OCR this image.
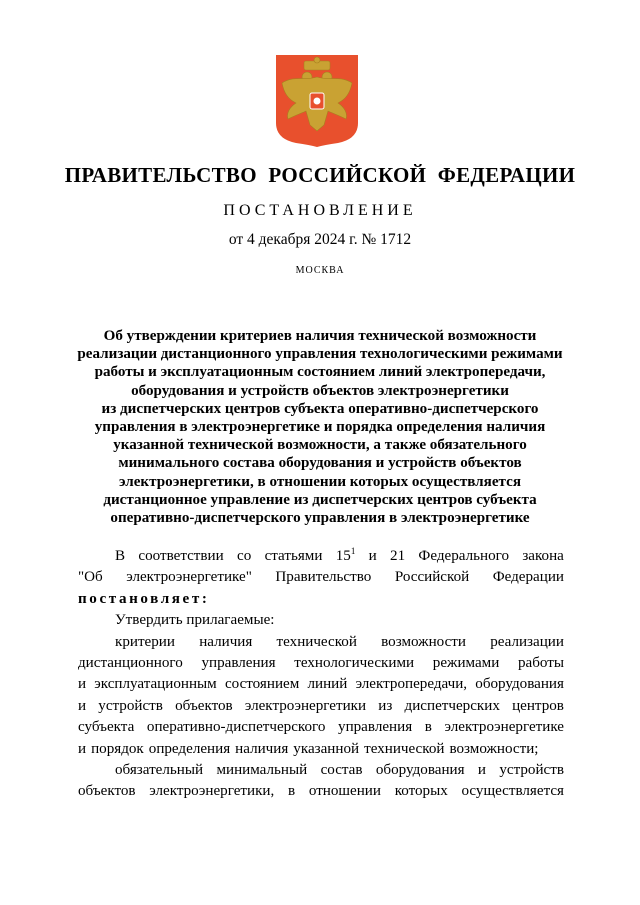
ПРАВИТЕЛЬСТВО РОССИЙСКОЙ ФЕДЕРАЦИИ
ПОСТАНОВЛЕНИЕ
от 4 декабря 2024 г. № 1712
МОСКВА
Об утверждении критериев наличия технической возможности
реализации дистанционного управления технологическими режимами
работы и эксплуатационным состоянием линий электропередачи,
оборудования и устройств объектов электроэнергетики
из диспетчерских центров субъекта оперативно-диспетчерского
управления в электроэнергетике и порядка определения наличия
указанной технической возможности, а также обязательного
минимального состава оборудования и устройств объектов
электроэнергетики, в отношении которых осуществляется
дистанционное управление из диспетчерских центров субъекта
оперативно-диспетчерского управления в электроэнергетике
В соответствии со статьями $15^1$ и 21 Федерального закона
"Об электроэнергетике" Правительство Российской Федерации
постановляет:
Утвердить прилагаемые:
критерии наличия технической возможности реализации
дистанционного управления технологическими режимами работы
и эксплуатационным состоянием линий электропередачи, оборудования
и устройств объектов электроэнергетики из диспетчерских центров
субъекта оперативно-диспетчерского управления в электроэнергетике
и порядок определения наличия указанной технической возможности;
обязательный минимальный состав оборудования и устройств
объектов электроэнергетики, в отношении которых осуществляется
